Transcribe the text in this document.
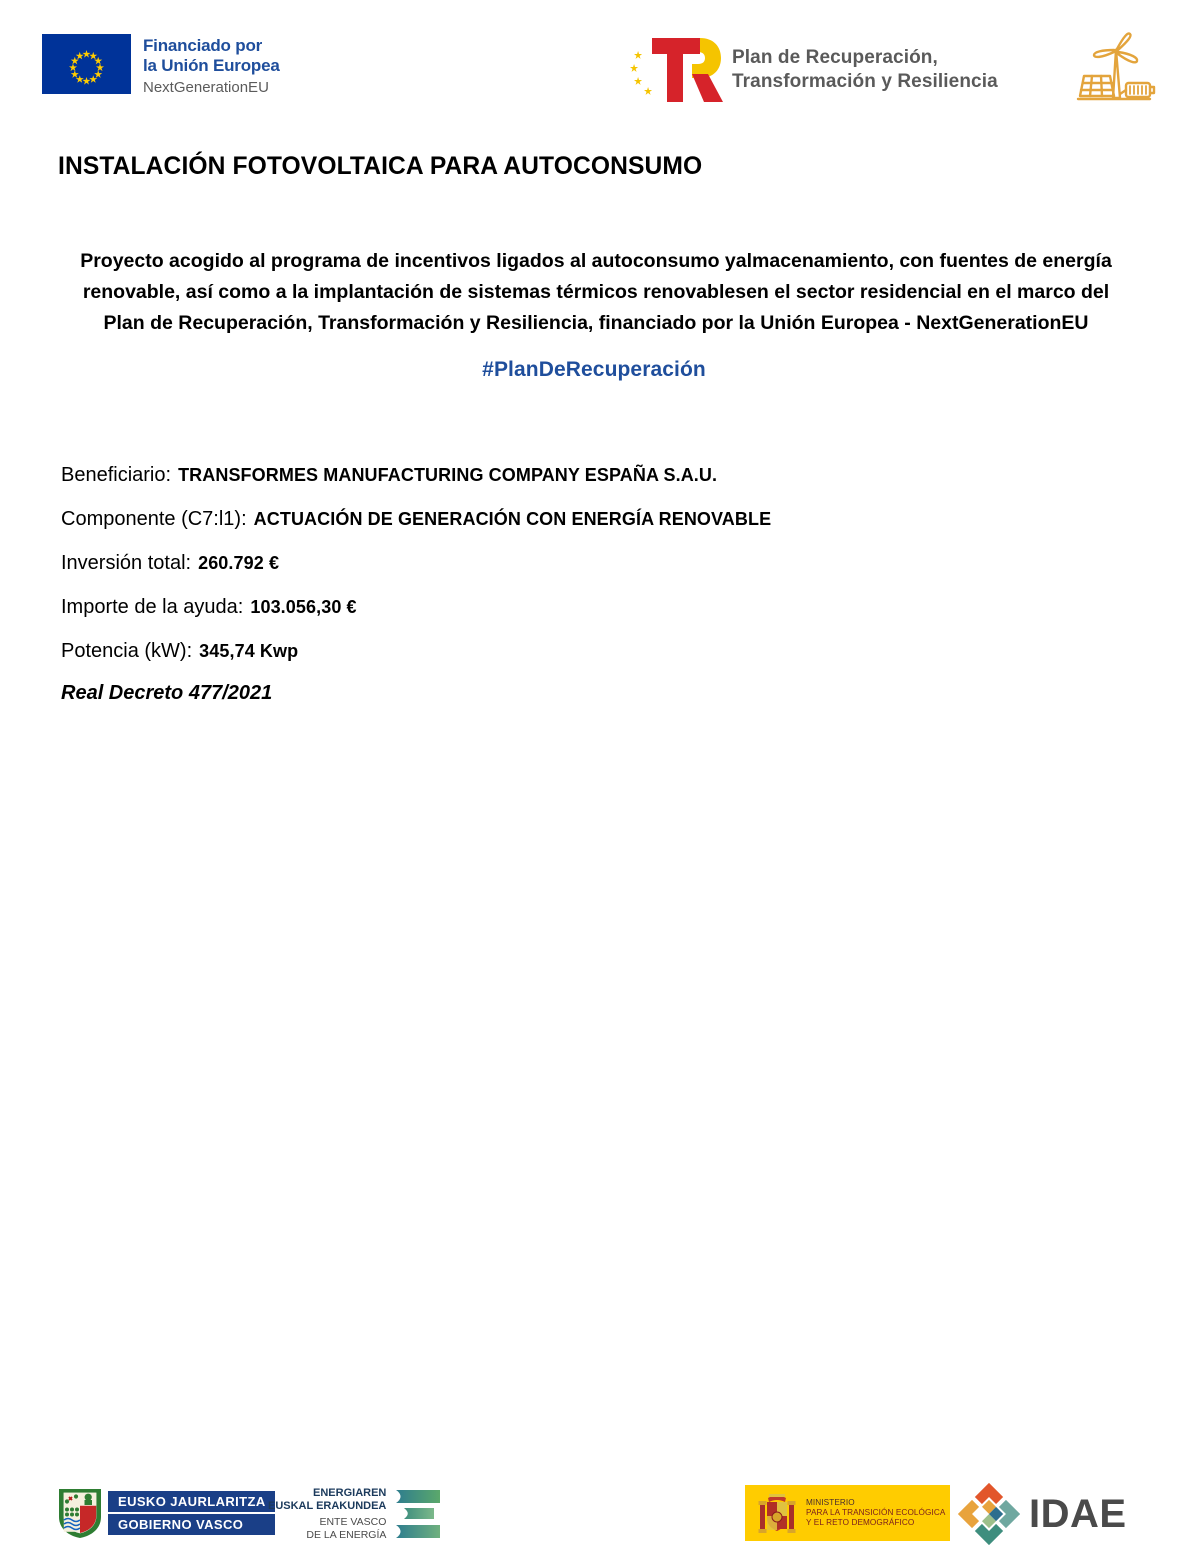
Financiado por
la Unión Europea
NextGenerationEU
Plan de Recuperación,
Transformación y Resiliencia
INSTALACIÓN FOTOVOLTAICA PARA AUTOCONSUMO
Proyecto acogido al programa de incentivos ligados al autoconsumo yalmacenamiento, con fuentes de energía renovable, así como a la implantación de sistemas térmicos renovablesen el sector residencial en el marco del Plan de Recuperación, Transformación y Resiliencia, financiado por la Unión Europea - NextGenerationEU
#PlanDeRecuperación
Beneficiario: TRANSFORMES MANUFACTURING COMPANY ESPAÑA S.A.U.
Componente (C7:l1): ACTUACIÓN DE GENERACIÓN CON ENERGÍA RENOVABLE
Inversión total: 260.792 €
Importe de la ayuda: 103.056,30 €
Potencia (kW): 345,74 Kwp
Real Decreto 477/2021
EUSKO JAURLARITZA
GOBIERNO VASCO
ENERGIAREN
EUSKAL ERAKUNDEA
ENTE VASCO
DE LA ENERGÍA
MINISTERIO
PARA LA TRANSICIÓN ECOLÓGICA
Y EL RETO DEMOGRÁFICO	IDAE
